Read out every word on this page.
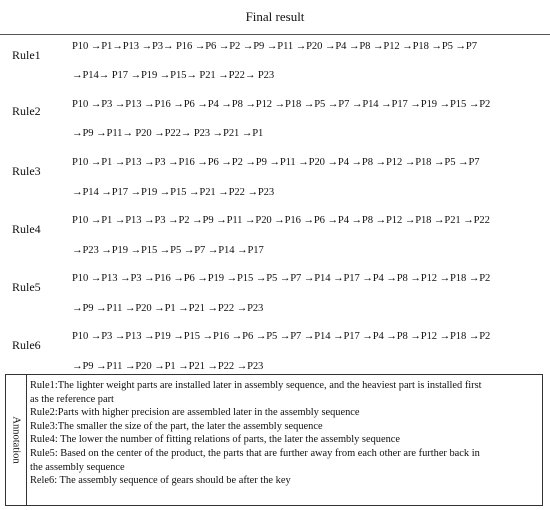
Final result
Rule1
P10 →P1→P13 →P3→ P16 →P6 →P2 →P9 →P11 →P20 →P4 →P8 →P12 →P18 →P5 →P7
→P14→ P17 →P19 →P15→ P21 →P22→ P23
Rule2	P10 →P3 →P13 →P16 →P6 →P4 →P8 →P12 →P18 →P5 →P7 →P14 →P17 →P19 →P15 →P2
→P9 →P11→ P20 →P22→ P23 →P21 →P1
Rule3
P10 →P1 →P13 →P3 →P16 →P6 →P2 →P9 →P11 →P20 →P4 →P8 →P12 →P18 →P5 →P7
→P14 →P17 →P19 →P15 →P21 →P22 →P23
Rule4
P10 →P1 →P13 →P3 →P2 →P9 →P11 →P20 →P16 →P6 →P4 →P8 →P12 →P18 →P21 →P22
→P23 →P19 →P15 →P5 →P7 →P14 →P17
Rule5
P10 →P13 →P3 →P16 →P6 →P19 →P15 →P5 →P7 →P14 →P17 →P4 →P8 →P12 →P18 →P2
→P9 →P11 →P20 →P1 →P21 →P22 →P23
Rule6
P10 →P3 →P13 →P19 →P15 →P16 →P6 →P5 →P7 →P14 →P17 →P4 →P8 →P12 →P18 →P2
→P9 →P11 →P20 →P1 →P21 →P22 →P23
Annotation
Rule1:The lighter weight parts are installed later in assembly sequence, and the heaviest part is installed first
as the reference part
Rule2:Parts with higher precision are assembled later in the assembly sequence
Rule3:The smaller the size of the part, the later the assembly sequence
Rule4: The lower the number of fitting relations of parts, the later the assembly sequence
Rule5: Based on the center of the product, the parts that are further away from each other are further back in
the assembly sequence
Rele6: The assembly sequence of gears should be after the key
